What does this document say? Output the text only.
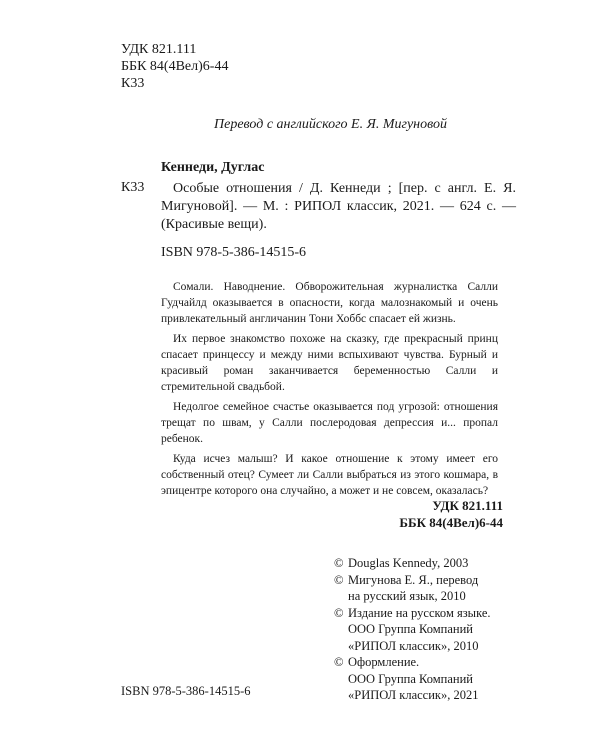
УДК 821.111
ББК 84(4Вел)6-44
К33
Перевод с английского Е. Я. Мигуновой
Кеннеди, Дуглас
К33	Особые отношения / Д. Кеннеди ; [пер. с англ. Е. Я. Мигуновой]. — М. : РИПОЛ классик, 2021. — 624 с. — (Красивые вещи).
ISBN 978-5-386-14515-6

Сомали. Наводнение. Обворожительная журналистка Салли Гудчайлд оказывается в опасности, когда малознакомый и очень привлекательный англичанин Тони Хоббс спасает ей жизнь.

Их первое знакомство похоже на сказку, где прекрасный принц спасает принцессу и между ними вспыхивают чувства. Бурный и красивый роман заканчивается беременностью Салли и стремительной свадьбой.

Недолгое семейное счастье оказывается под угрозой: отношения трещат по швам, у Салли послеродовая депрессия и... пропал ребенок.

Куда исчез малыш? И какое отношение к этому имеет его собственный отец? Сумеет ли Салли выбраться из этого кошмара, в эпицентре которого она случайно, а может и не совсем, оказалась?

УДК 821.111
ББК 84(4Вел)6-44
© Douglas Kennedy, 2003
© Мигунова Е. Я., перевод
на русский язык, 2010
© Издание на русском языке.
ООО Группа Компаний
«РИПОЛ классик», 2010
© Оформление.
ООО Группа Компаний
«РИПОЛ классик», 2021
ISBN 978-5-386-14515-6
